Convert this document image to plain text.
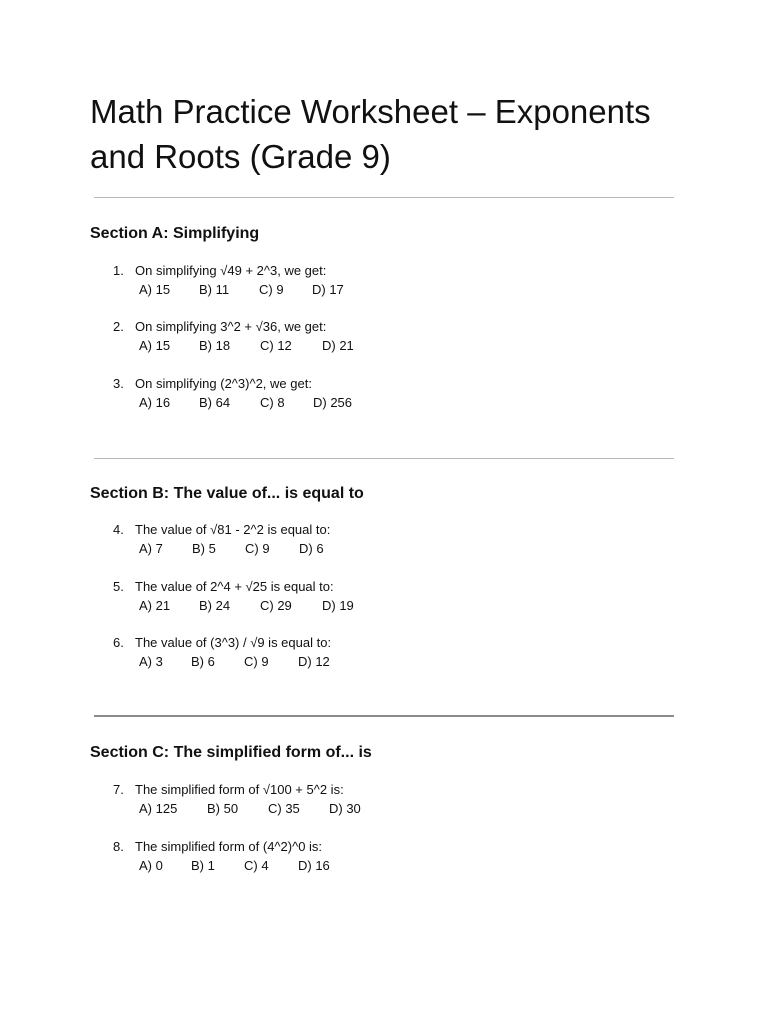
Math Practice Worksheet – Exponents and Roots (Grade 9)
Section A: Simplifying
1. On simplifying √49 + 2^3, we get:
A) 15	B) 11	C) 9	D) 17
2. On simplifying 3^2 + √36, we get:
A) 15	B) 18	C) 12	D) 21
3. On simplifying (2^3)^2, we get:
A) 16	B) 64	C) 8	D) 256
Section B: The value of... is equal to
4. The value of √81 - 2^2 is equal to:
A) 7	B) 5	C) 9	D) 6
5. The value of 2^4 + √25 is equal to:
A) 21	B) 24	C) 29	D) 19
6. The value of (3^3) / √9 is equal to:
A) 3	B) 6	C) 9	D) 12
Section C: The simplified form of... is
7. The simplified form of √100 + 5^2 is:
A) 125	B) 50	C) 35	D) 30
8. The simplified form of (4^2)^0 is:
A) 0	B) 1	C) 4	D) 16
